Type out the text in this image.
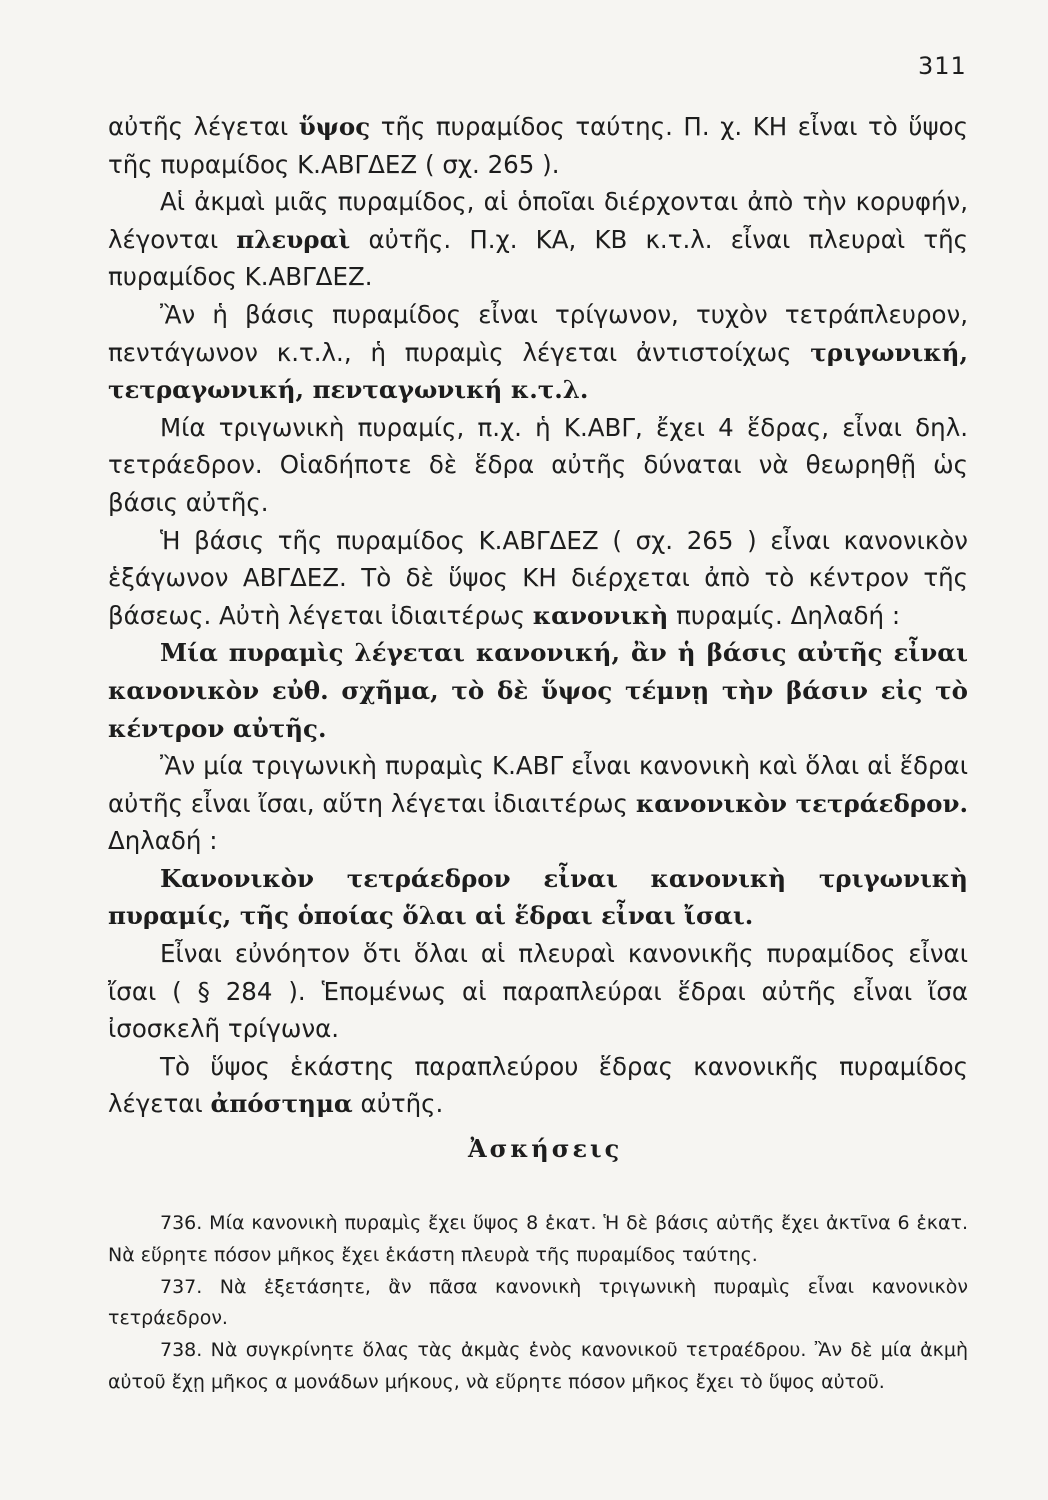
311

αὐτῆς λέγεται ὕψος τῆς πυραμίδος ταύτης. Π. χ. ΚΗ εἶναι τὸ ὕψος τῆς πυραμίδος Κ.ΑΒΓΔΕΖ ( σχ. 265 ).

Αἱ ἀκμαὶ μιᾶς πυραμίδος, αἱ ὁποῖαι διέρχονται ἀπὸ τὴν κορυφήν, λέγονται πλευραὶ αὐτῆς. Π.χ. ΚΑ, ΚΒ κ.τ.λ. εἶναι πλευραὶ τῆς πυραμίδος Κ.ΑΒΓΔΕΖ.

Ἂν ἡ βάσις πυραμίδος εἶναι τρίγωνον, τυχὸν τετράπλευρον, πεντάγωνον κ.τ.λ., ἡ πυραμὶς λέγεται ἀντιστοίχως τριγωνική, τετραγωνική, πενταγωνική κ.τ.λ.

Μία τριγωνικὴ πυραμίς, π.χ. ἡ Κ.ΑΒΓ, ἔχει 4 ἕδρας, εἶναι δηλ. τετράεδρον. Οἱαδήποτε δὲ ἕδρα αὐτῆς δύναται νὰ θεωρηθῇ ὡς βάσις αὐτῆς.

Ἡ βάσις τῆς πυραμίδος Κ.ΑΒΓΔΕΖ ( σχ. 265 ) εἶναι κανονικὸν ἑξάγωνον ΑΒΓΔΕΖ. Τὸ δὲ ὕψος ΚΗ διέρχεται ἀπὸ τὸ κέντρον τῆς βάσεως. Αὐτὴ λέγεται ἰδιαιτέρως κανονικὴ πυραμίς. Δηλαδή :

Μία πυραμὶς λέγεται κανονική, ἂν ἡ βάσις αὐτῆς εἶναι κανονικὸν εὐθ. σχῆμα, τὸ δὲ ὕψος τέμνῃ τὴν βάσιν εἰς τὸ κέντρον αὐτῆς.

Ἂν μία τριγωνικὴ πυραμὶς Κ.ΑΒΓ εἶναι κανονικὴ καὶ ὅλαι αἱ ἕδραι αὐτῆς εἶναι ἴσαι, αὕτη λέγεται ἰδιαιτέρως κανονικὸν τετράεδρον. Δηλαδή :

Κανονικὸν τετράεδρον εἶναι κανονικὴ τριγωνικὴ πυραμίς, τῆς ὁποίας ὅλαι αἱ ἕδραι εἶναι ἴσαι.

Εἶναι εὐνόητον ὅτι ὅλαι αἱ πλευραὶ κανονικῆς πυραμίδος εἶναι ἴσαι ( § 284 ). Ἑπομένως αἱ παραπλεύραι ἕδραι αὐτῆς εἶναι ἴσα ἰσοσκελῆ τρίγωνα.

Τὸ ὕψος ἑκάστης παραπλεύρου ἕδρας κανονικῆς πυραμίδος λέγεται ἀπόστημα αὐτῆς.

Ἀσκήσεις

736. Μία κανονικὴ πυραμὶς ἔχει ὕψος 8 ἑκατ. Ἡ δὲ βάσις αὐτῆς ἔχει ἀκτῖνα 6 ἑκατ. Νὰ εὕρητε πόσον μῆκος ἔχει ἑκάστη πλευρὰ τῆς πυραμίδος ταύτης.

737. Νὰ ἐξετάσητε, ἂν πᾶσα κανονικὴ τριγωνικὴ πυραμὶς εἶναι κανονικὸν τετράεδρον.

738. Νὰ συγκρίνητε ὅλας τὰς ἀκμὰς ἑνὸς κανονικοῦ τετραέδρου. Ἂν δὲ μία ἀκμὴ αὐτοῦ ἔχῃ μῆκος α μονάδων μήκους, νὰ εὕρητε πόσον μῆκος ἔχει τὸ ὕψος αὐτοῦ.
